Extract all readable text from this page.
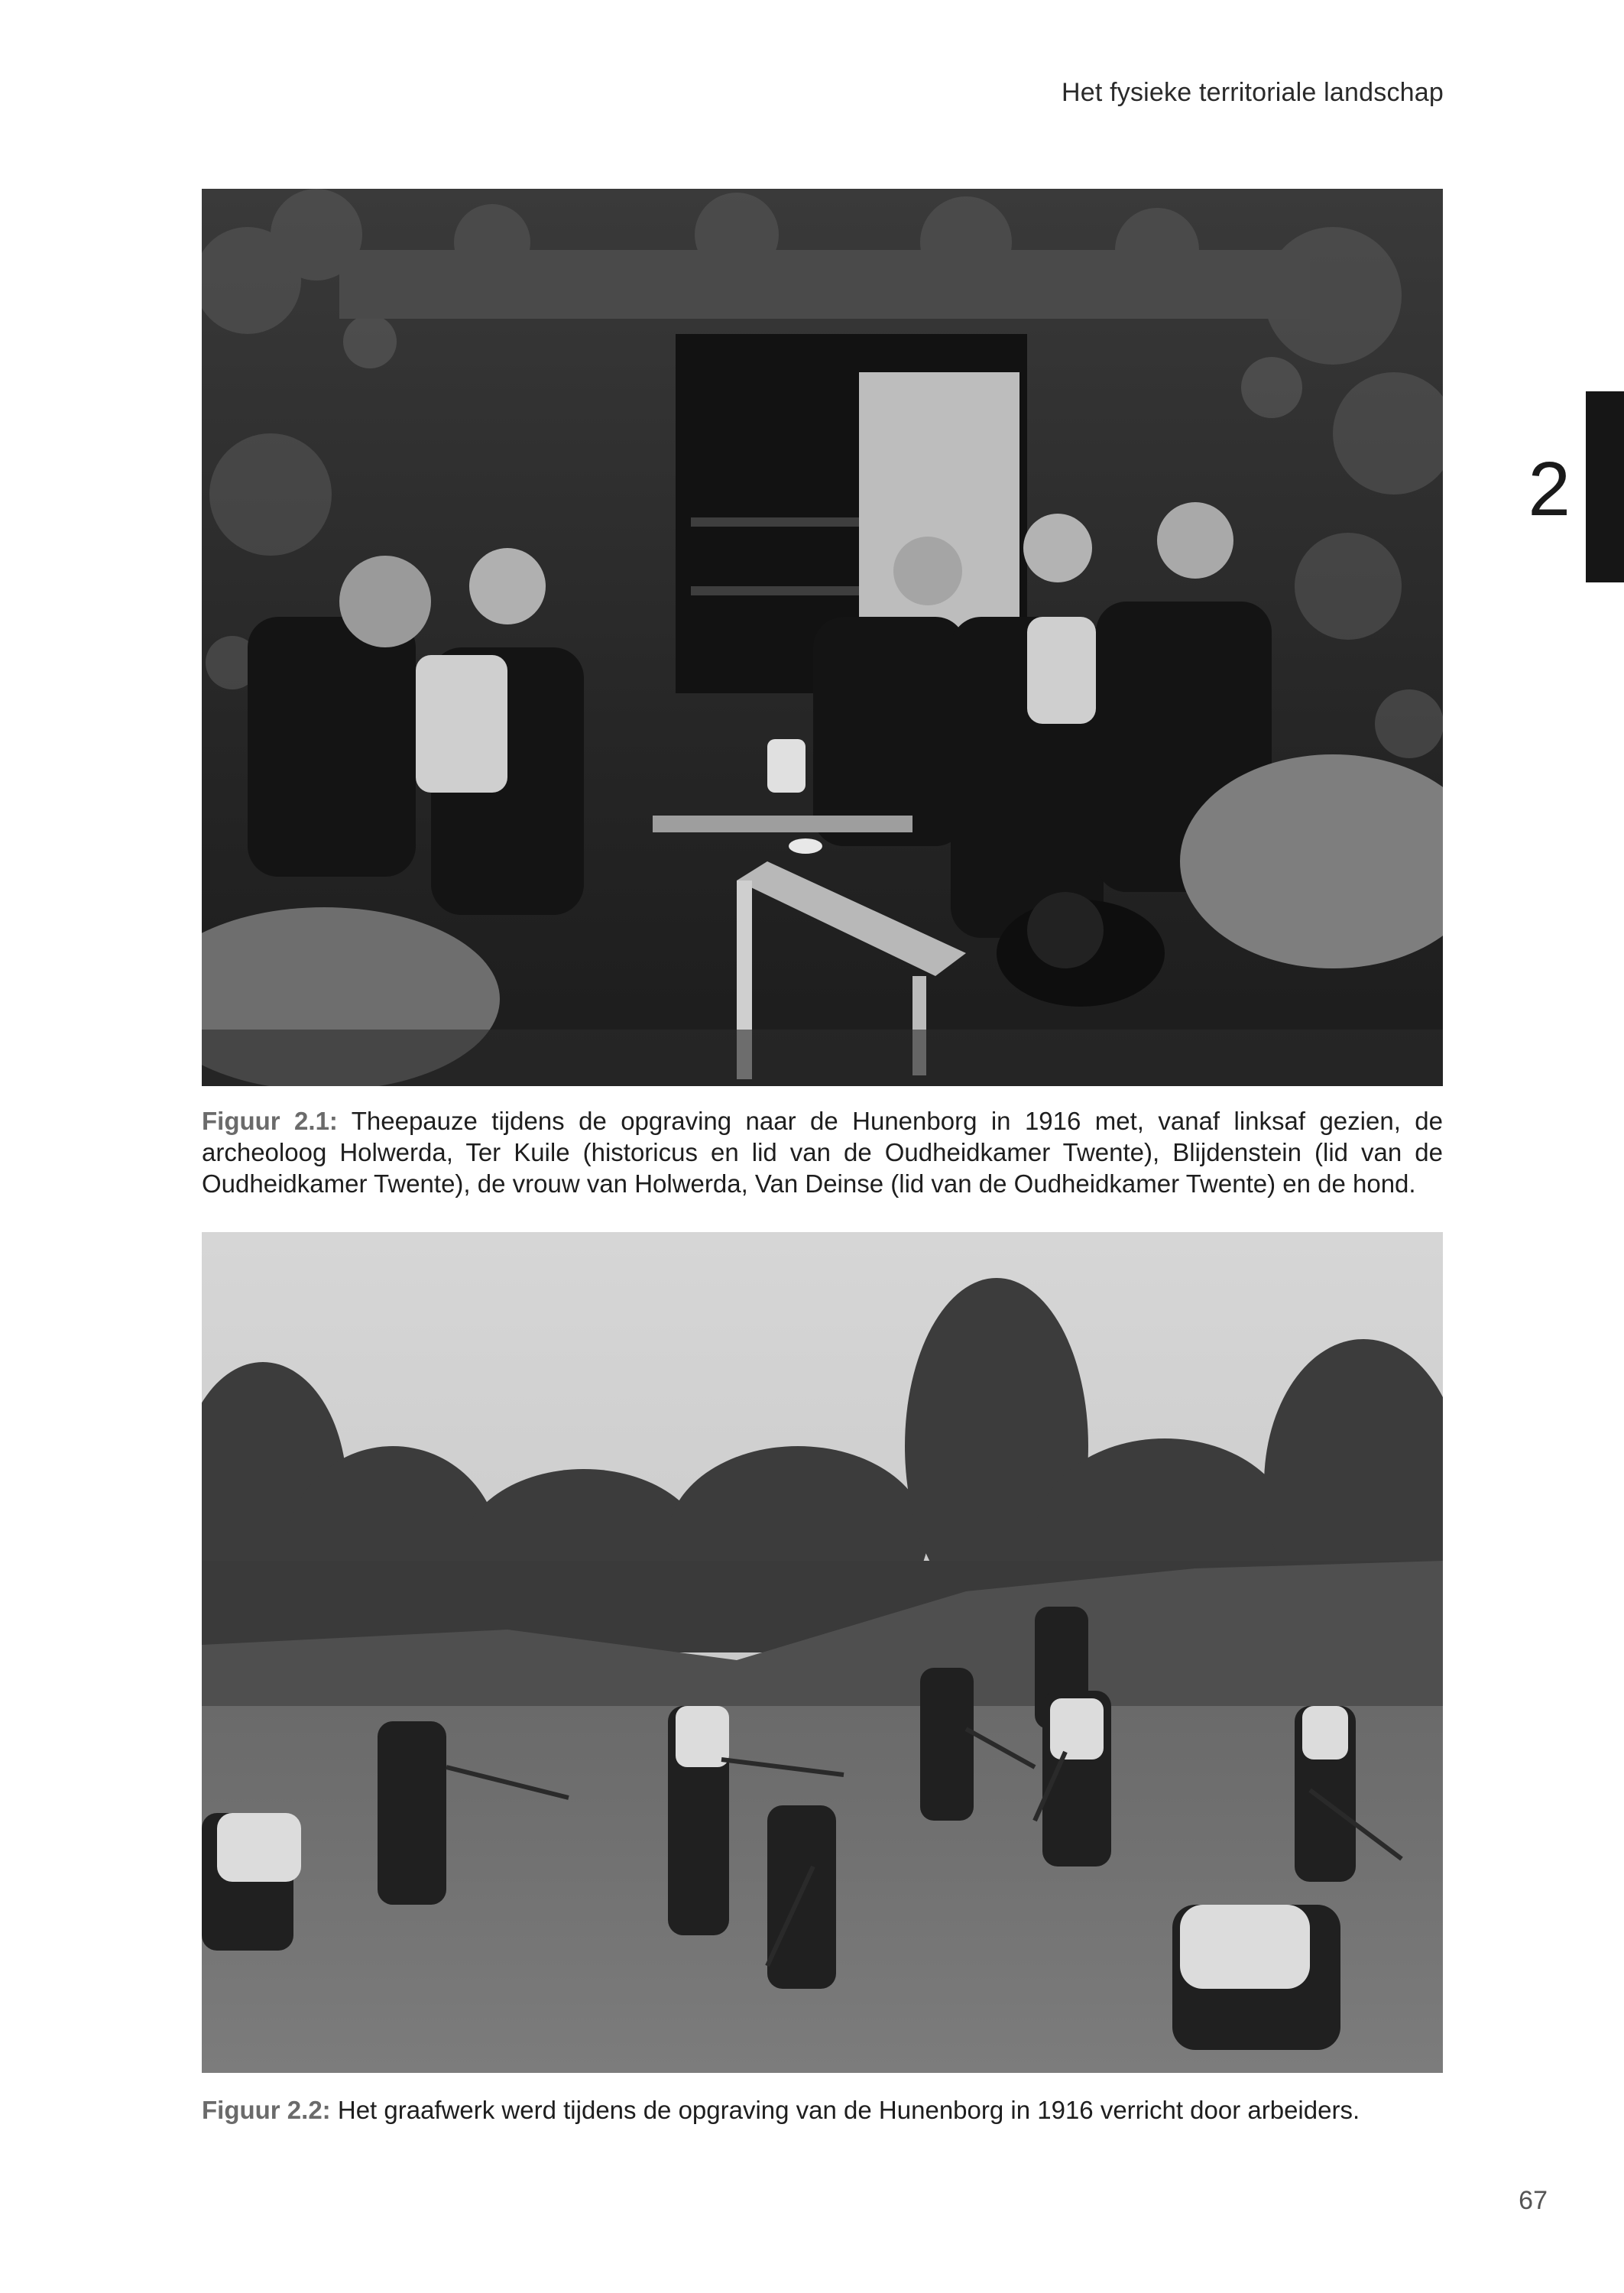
Het fysieke territoriale landschap
2
Figuur 2.1: Theepauze tijdens de opgraving naar de Hunenborg in 1916 met, vanaf linksaf gezien, de archeoloog Holwerda, Ter Kuile (historicus en lid van de Oudheidkamer Twente), Blijdenstein (lid van de Oudheidkamer Twente), de vrouw van Holwerda, Van Deinse (lid van de Oudheidkamer Twente) en de hond.
Figuur 2.2: Het graafwerk werd tijdens de opgraving van de Hunenborg in 1916 verricht door arbeiders.
67
